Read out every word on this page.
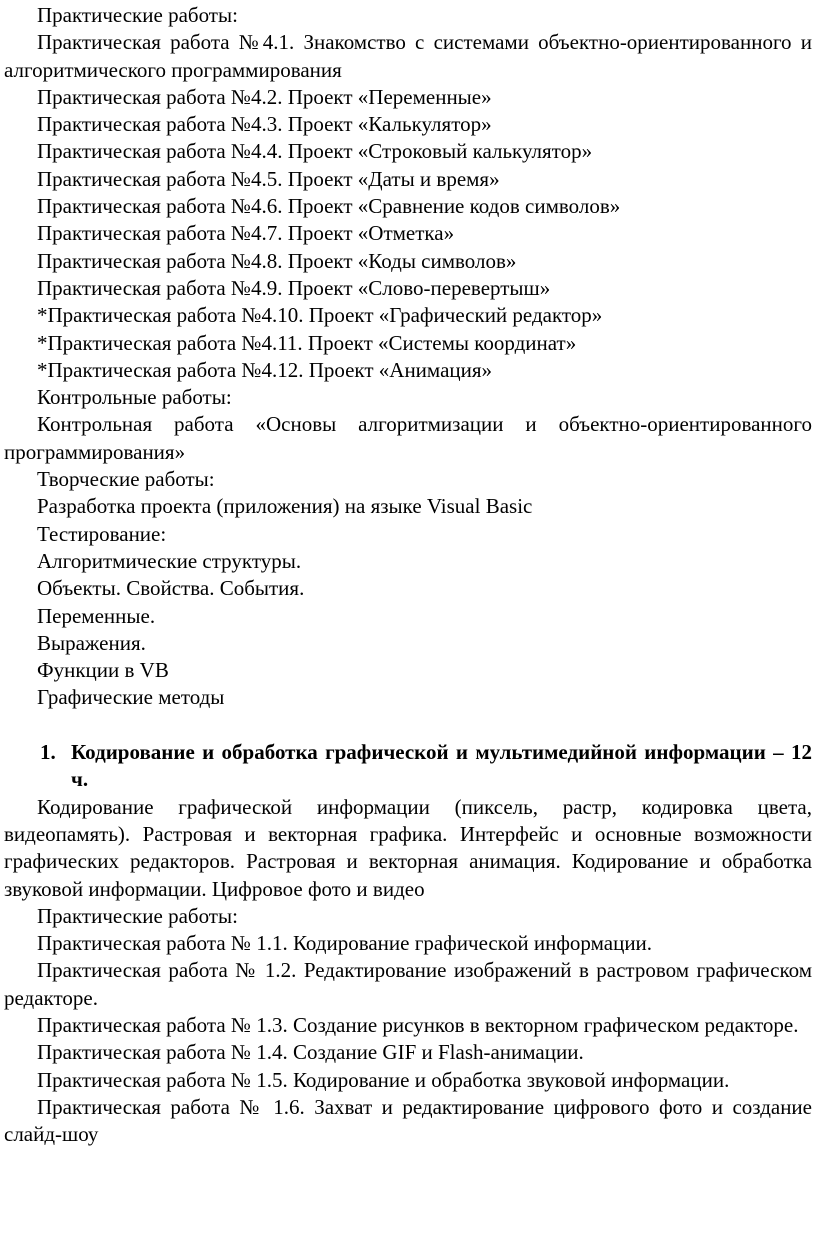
Практические работы:

Практическая работа №4.1. Знакомство с системами объектно-ориентированного и алгоритмического программирования

Практическая работа №4.2. Проект «Переменные»

Практическая работа №4.3. Проект «Калькулятор»

Практическая работа №4.4. Проект «Строковый калькулятор»

Практическая работа №4.5. Проект «Даты и время»

Практическая работа №4.6. Проект «Сравнение кодов символов»

Практическая работа №4.7. Проект «Отметка»

Практическая работа №4.8. Проект «Коды символов»

Практическая работа №4.9. Проект «Слово-перевертыш»

*Практическая работа №4.10. Проект «Графический редактор»

*Практическая работа №4.11. Проект «Системы координат»

*Практическая работа №4.12. Проект «Анимация»

Контрольные работы:

Контрольная работа «Основы алгоритмизации и объектно-ориентированного программирования»

Творческие работы:

Разработка проекта (приложения) на языке Visual Basic

Тестирование:

Алгоритмические структуры.

Объекты. Свойства. События.

Переменные.

Выражения.

Функции в VB

Графические методы

1. Кодирование и обработка графической и мультимедийной информации – 12 ч.

Кодирование графической информации (пиксель, растр, кодировка цвета, видеопамять). Растровая и векторная графика. Интерфейс и основные возможности графических редакторов. Растровая и векторная анимация. Кодирование и обработка звуковой информации. Цифровое фото и видео

Практические работы:

Практическая работа № 1.1. Кодирование графической информации.

Практическая работа № 1.2. Редактирование изображений в растровом графическом редакторе.

Практическая работа № 1.3. Создание рисунков в векторном графическом редакторе.

Практическая работа № 1.4. Создание GIF и Flash-анимации.

Практическая работа № 1.5. Кодирование и обработка звуковой информации.

Практическая работа № 1.6. Захват и редактирование цифрового фото и создание слайд-шоу
